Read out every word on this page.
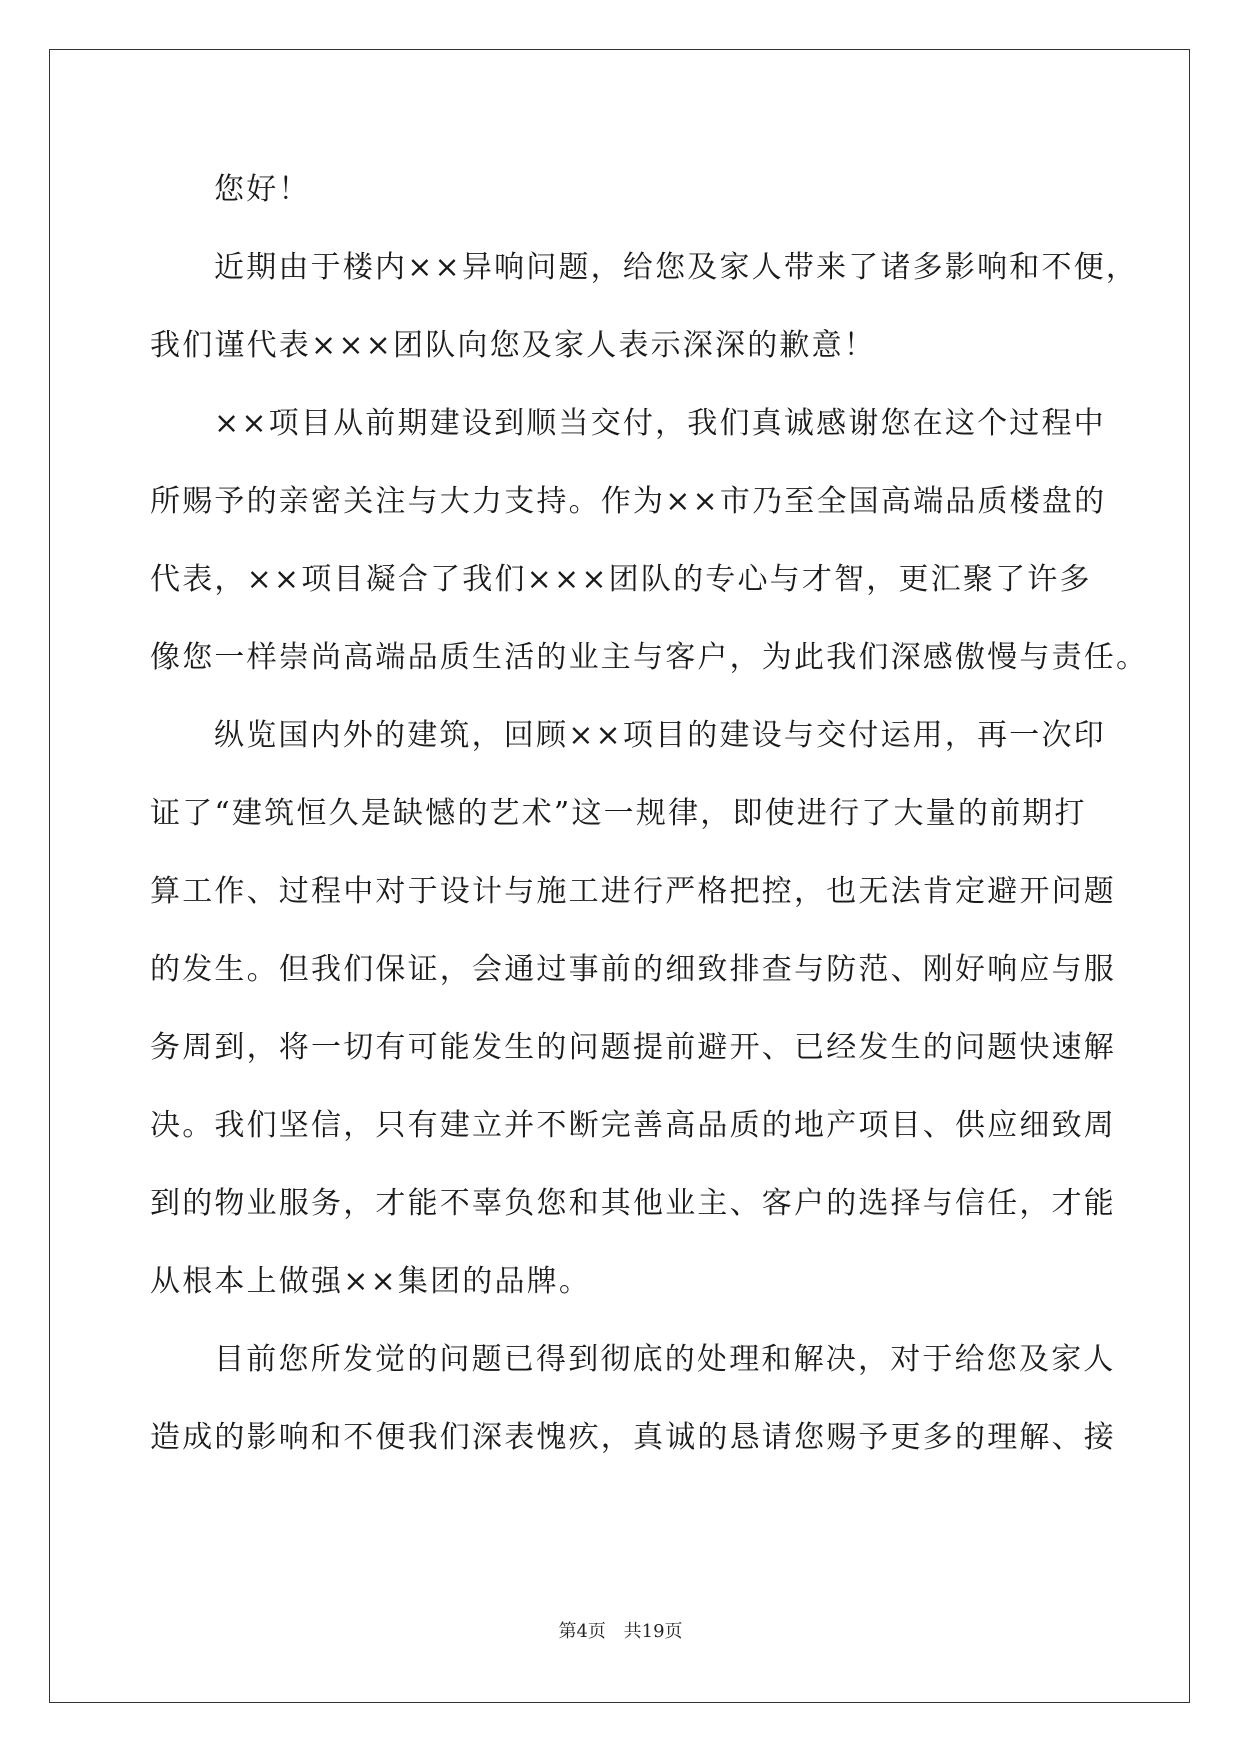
您好！
近期由于楼内××异响问题，给您及家人带来了诸多影响和不便，
我们谨代表×××团队向您及家人表示深深的歉意！
××项目从前期建设到顺当交付，我们真诚感谢您在这个过程中
所赐予的亲密关注与大力支持。作为××市乃至全国高端品质楼盘的
代表，××项目凝合了我们×××团队的专心与才智，更汇聚了许多
像您一样崇尚高端品质生活的业主与客户，为此我们深感傲慢与责任。
纵览国内外的建筑，回顾××项目的建设与交付运用，再一次印
证了“建筑恒久是缺憾的艺术”这一规律，即使进行了大量的前期打
算工作、过程中对于设计与施工进行严格把控，也无法肯定避开问题
的发生。但我们保证，会通过事前的细致排查与防范、刚好响应与服
务周到，将一切有可能发生的问题提前避开、已经发生的问题快速解
决。我们坚信，只有建立并不断完善高品质的地产项目、供应细致周
到的物业服务，才能不辜负您和其他业主、客户的选择与信任，才能
从根本上做强××集团的品牌。
目前您所发觉的问题已得到彻底的处理和解决，对于给您及家人
造成的影响和不便我们深表愧疚，真诚的恳请您赐予更多的理解、接
第4页 共19页
